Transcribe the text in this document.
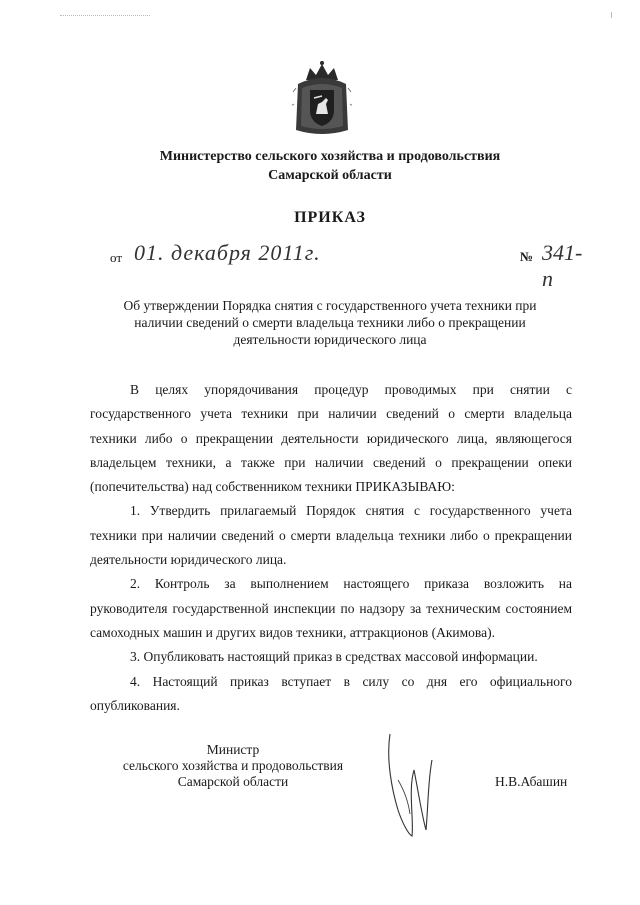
Министерство сельского хозяйства и продовольствия
Самарской области
ПРИКАЗ
от 01. декабря 2011г.	№ 341-п
Об утверждении Порядка снятия с государственного учета техники при
наличии сведений о смерти владельца техники либо о прекращении
деятельности юридического лица

В целях упорядочивания процедур проводимых при снятии с государственного учета техники при наличии сведений о смерти владельца техники либо о прекращении деятельности юридического лица, являющегося владельцем техники, а также при наличии сведений о прекращении опеки (попечительства) над собственником техники ПРИКАЗЫВАЮ:

1. Утвердить прилагаемый Порядок снятия с государственного учета техники при наличии сведений о смерти владельца техники либо о прекращении деятельности юридического лица.

2. Контроль за выполнением настоящего приказа возложить на руководителя государственной инспекции по надзору за техническим состоянием самоходных машин и других видов техники, аттракционов (Акимова).

3. Опубликовать настоящий приказ в средствах массовой информации.

4. Настоящий приказ вступает в силу со дня его официального опубликования.

Министр
сельского хозяйства и продовольствия
Самарской области	Н.В.Абашин
